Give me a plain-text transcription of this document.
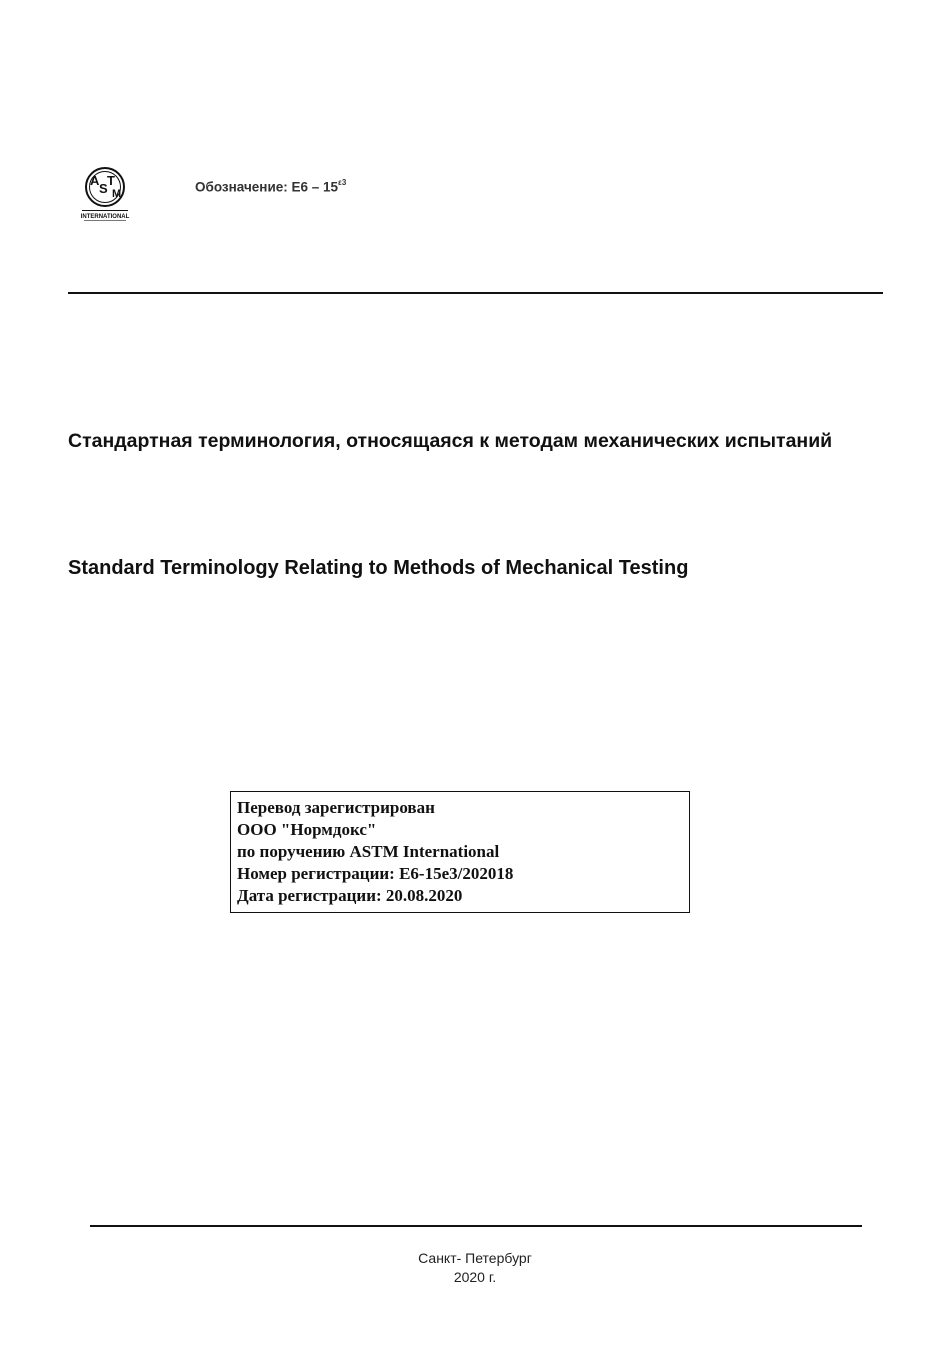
A
S
T
M
INTERNATIONAL
Обозначение: $E6 - 15^{\varepsilon 3}$
Стандартная терминология, относящаяся к методам механических испытаний
Standard Terminology Relating to Methods of Mechanical Testing
Перевод зарегистрирован
ООО "Нормдокс"
по поручению ASTM International
Номер регистрации: E6-15e3/202018
Дата регистрации: 20.08.2020
Санкт- Петербург
2020 г.
